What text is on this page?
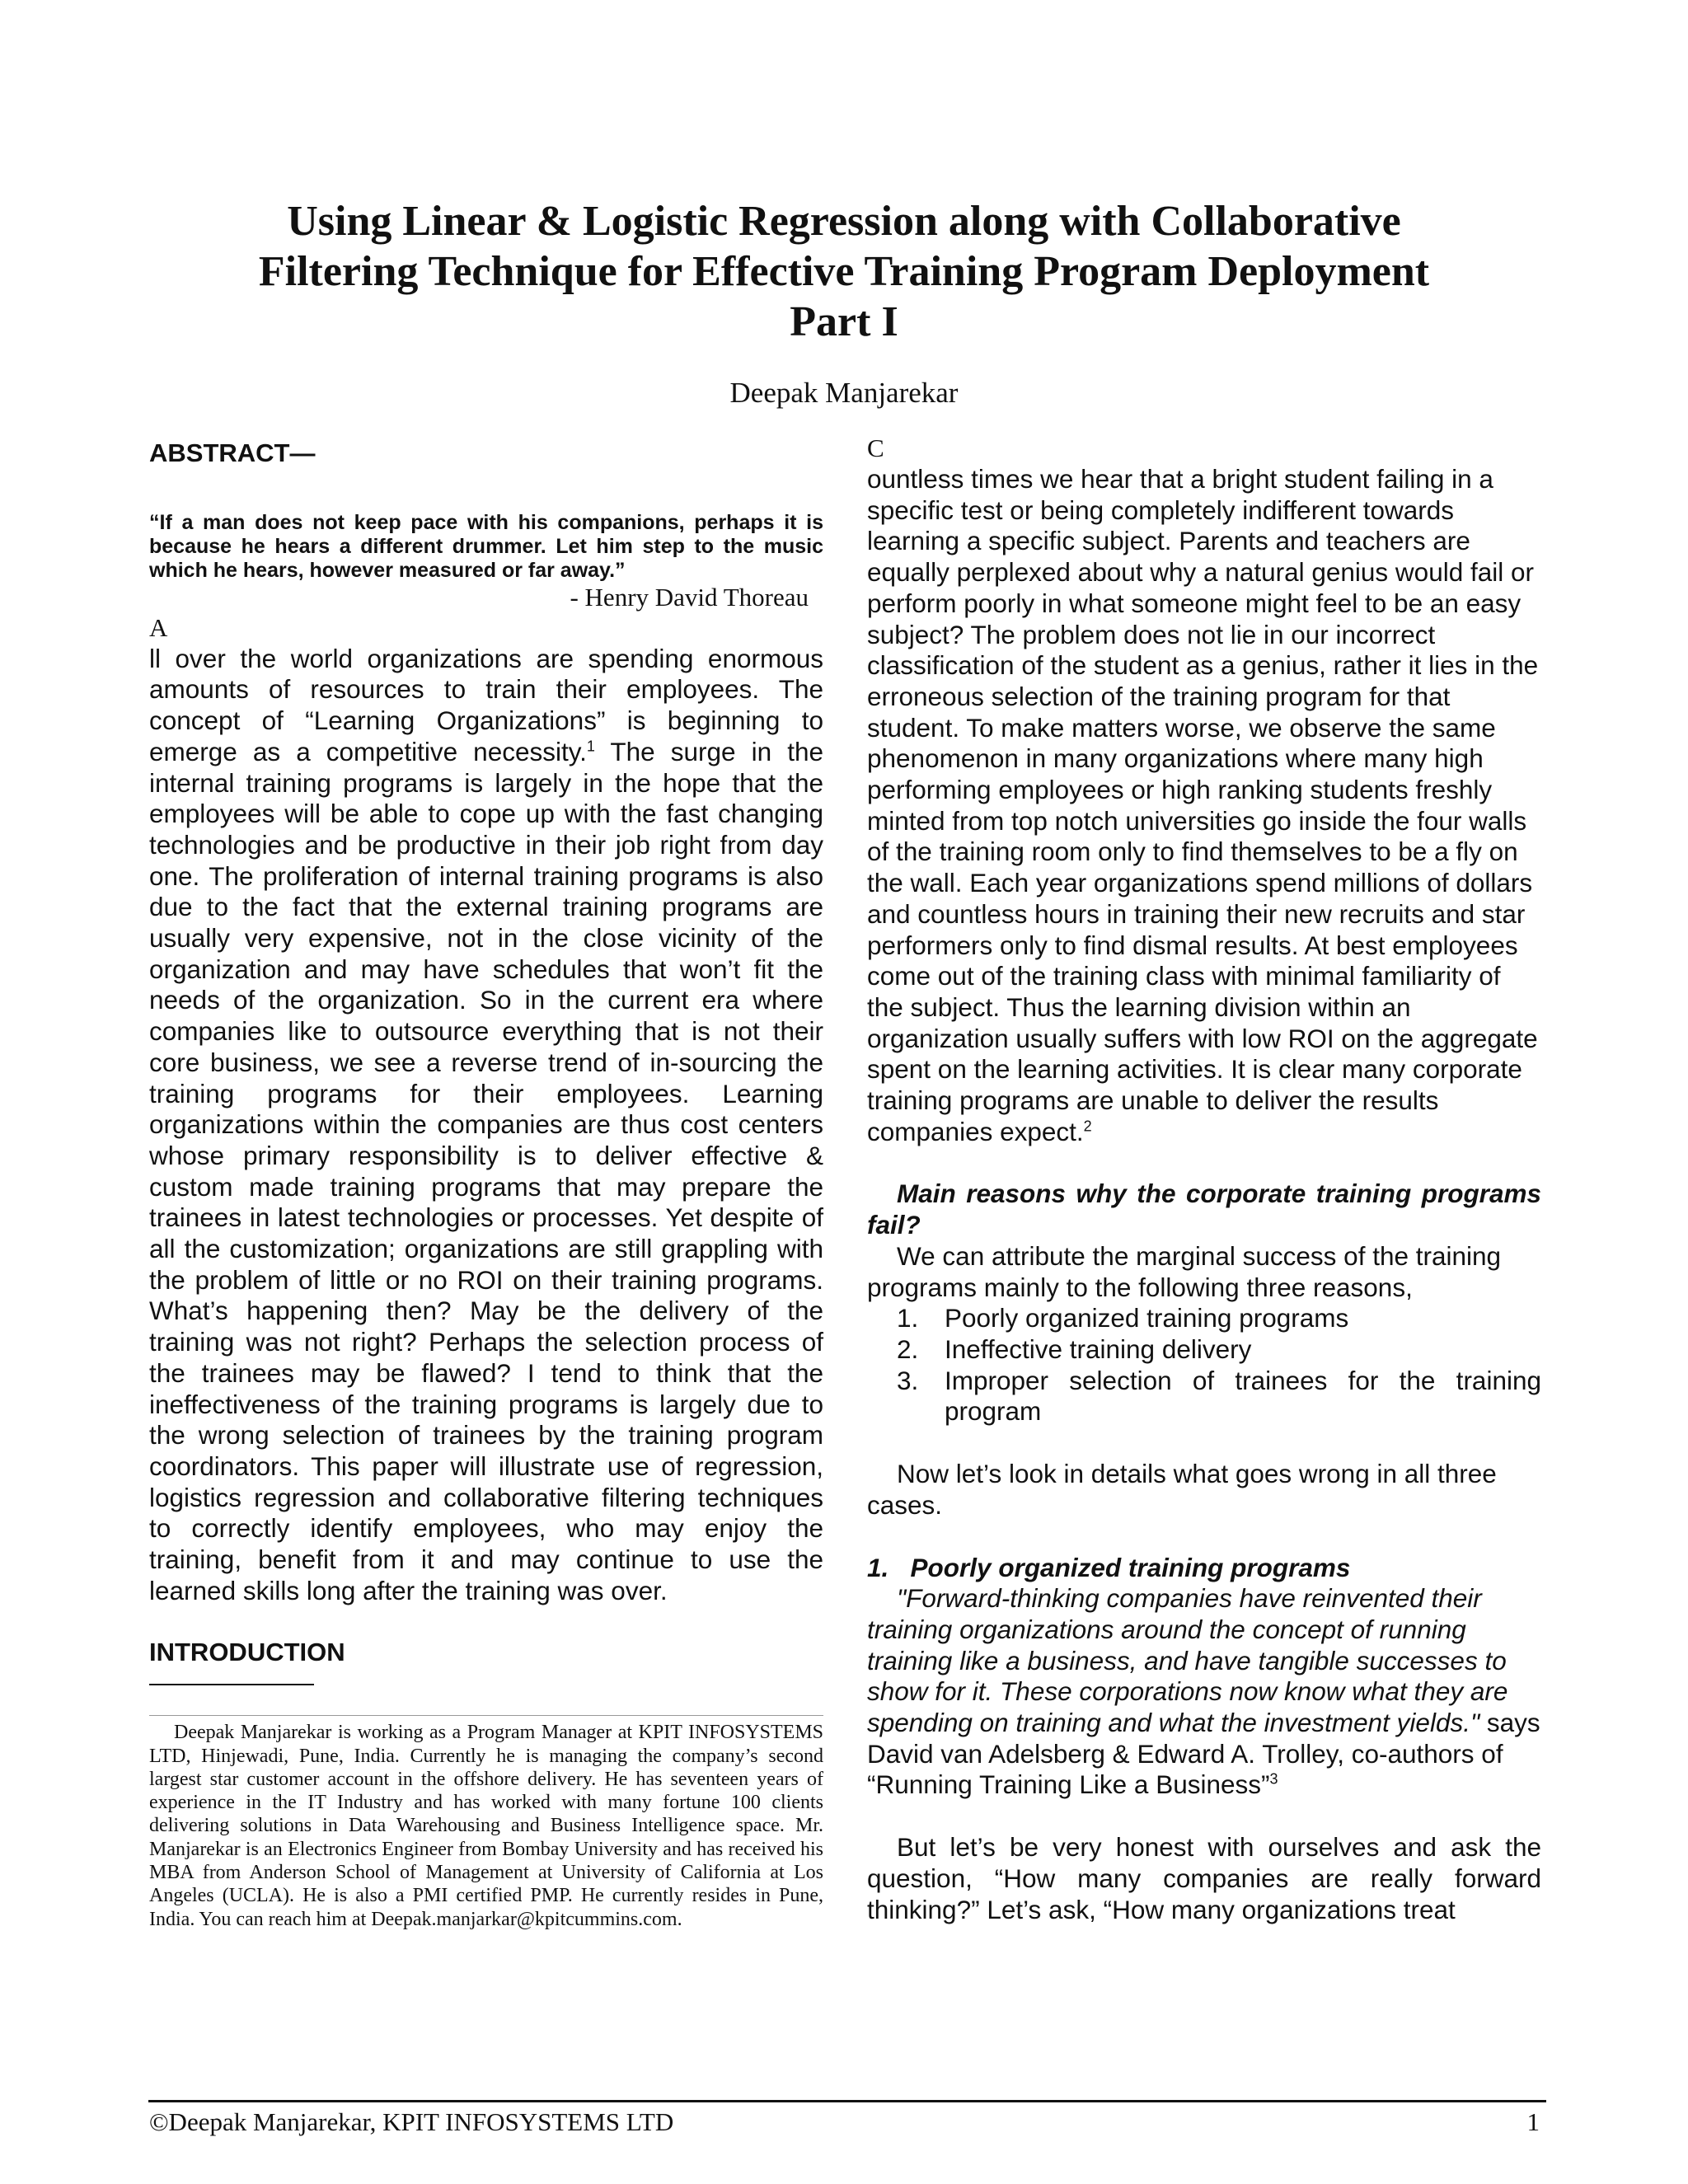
Using Linear & Logistic Regression along with Collaborative
Filtering Technique for Effective Training Program Deployment
Part I
Deepak Manjarekar

ABSTRACT—

“If a man does not keep pace with his companions, perhaps it is because he hears a different drummer. Let him step to the music which he hears, however measured or far away.”

- Henry David Thoreau

A

ll over the world organizations are spending enormous amounts of resources to train their employees. The concept of “Learning Organizations” is beginning to emerge as a competitive necessity.$^1$ The surge in the internal training programs is largely in the hope that the employees will be able to cope up with the fast changing technologies and be productive in their job right from day one. The proliferation of internal training programs is also due to the fact that the external training programs are usually very expensive, not in the close vicinity of the organization and may have schedules that won’t fit the needs of the organization. So in the current era where companies like to outsource everything that is not their core business, we see a reverse trend of in-sourcing the training programs for their employees. Learning organizations within the companies are thus cost centers whose primary responsibility is to deliver effective & custom made training programs that may prepare the trainees in latest technologies or processes. Yet despite of all the customization; organizations are still grappling with the problem of little or no ROI on their training programs. What’s happening then? May be the delivery of the training was not right? Perhaps the selection process of the trainees may be flawed? I tend to think that the ineffectiveness of the training programs is largely due to the wrong selection of trainees by the training program coordinators. This paper will illustrate use of regression, logistics regression and collaborative filtering techniques to correctly identify employees, who may enjoy the training, benefit from it and may continue to use the learned skills long after the training was over.

INTRODUCTION

Deepak Manjarekar is working as a Program Manager at KPIT INFOSYSTEMS LTD, Hinjewadi, Pune, India. Currently he is managing the company’s second largest star customer account in the offshore delivery. He has seventeen years of experience in the IT Industry and has worked with many fortune 100 clients delivering solutions in Data Warehousing and Business Intelligence space. Mr. Manjarekar is an Electronics Engineer from Bombay University and has received his MBA from Anderson School of Management at University of California at Los Angeles (UCLA). He is also a PMI certified PMP. He currently resides in Pune, India. You can reach him at Deepak.manjarkar@kpitcummins.com.

C

ountless times we hear that a bright student failing in a specific test or being completely indifferent towards learning a specific subject. Parents and teachers are equally perplexed about why a natural genius would fail or perform poorly in what someone might feel to be an easy subject? The problem does not lie in our incorrect classification of the student as a genius, rather it lies in the erroneous selection of the training program for that student. To make matters worse, we observe the same phenomenon in many organizations where many high performing employees or high ranking students freshly minted from top notch universities go inside the four walls of the training room only to find themselves to be a fly on the wall. Each year organizations spend millions of dollars and countless hours in training their new recruits and star performers only to find dismal results. At best employees come out of the training class with minimal familiarity of the subject. Thus the learning division within an organization usually suffers with low ROI on the aggregate spent on the learning activities. It is clear many corporate training programs are unable to deliver the results companies expect.$^2$

Main reasons why the corporate training programs fail?

We can attribute the marginal success of the training programs mainly to the following three reasons,

1. Poorly organized training programs
2. Ineffective training delivery
3. Improper selection of trainees for the training program

Now let’s look in details what goes wrong in all three cases.

1. Poorly organized training programs

"Forward-thinking companies have reinvented their training organizations around the concept of running training like a business, and have tangible successes to show for it. These corporations now know what they are spending on training and what the investment yields." says David van Adelsberg & Edward A. Trolley, co-authors of “Running Training Like a Business”$^3$

But let’s be very honest with ourselves and ask the question, “How many companies are really forward thinking?” Let’s ask, “How many organizations treat

©Deepak Manjarekar, KPIT INFOSYSTEMS LTD	1
